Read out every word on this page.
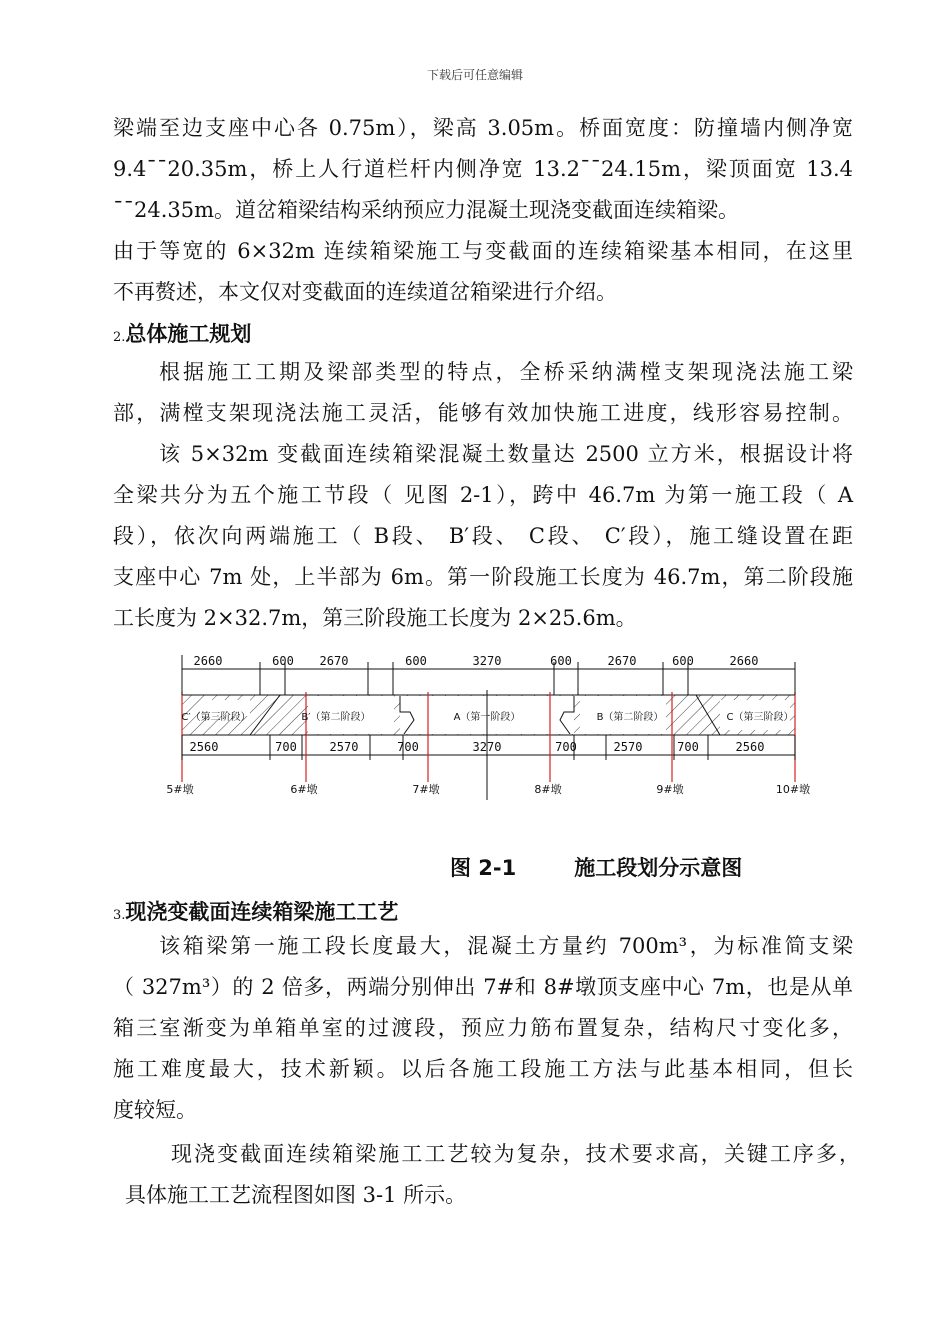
下载后可任意编辑
梁端至边支座中心各 0.75m），梁高 3.05m。桥面宽度：防撞墙内侧净宽
9.4¯¯20.35m，桥上人行道栏杆内侧净宽 13.2¯¯24.15m，梁顶面宽 13.4
¯¯24.35m。道岔箱梁结构采纳预应力混凝土现浇变截面连续箱梁。
由于等宽的 6×32m 连续箱梁施工与变截面的连续箱梁基本相同，在这里
不再赘述，本文仅对变截面的连续道岔箱梁进行介绍。
2.总体施工规划
根据施工工期及梁部类型的特点，全桥采纳满樘支架现浇法施工梁
部，满樘支架现浇法施工灵活，能够有效加快施工进度，线形容易控制。
该 5×32m 变截面连续箱梁混凝土数量达 2500 立方米，根据设计将
全梁共分为五个施工节段（ 见图 2-1），跨中 46.7m 为第一施工段（ A
段），依次向两端施工（ B段、 B′段、 C段、 C′段），施工缝设置在距
支座中心 7m 处，上半部为 6m。第一阶段施工长度为 46.7m，第二阶段施
工长度为 2×32.7m，第三阶段施工长度为 2×25.6m。
2660	600 2670	600	3270	600	2670	600	2660
2560	700	2570	700	3270	700	2570	700	2560
C′（第三阶段）	B′（第二阶段）	A（第一阶段）	B（第二阶段）	C（第三阶段）
5#墩	6#墩	7#墩	8#墩	9#墩	10#墩
图 2-1	施工段划分示意图
3.现浇变截面连续箱梁施工工艺
该箱梁第一施工段长度最大，混凝土方量约 700m³，为标准简支梁
（ 327m³）的 2 倍多，两端分别伸出 7#和 8#墩顶支座中心 7m，也是从单
箱三室渐变为单箱单室的过渡段，预应力筋布置复杂，结构尺寸变化多，
施工难度最大，技术新颖。以后各施工段施工方法与此基本相同，但长
度较短。
现浇变截面连续箱梁施工工艺较为复杂，技术要求高，关键工序多，
具体施工工艺流程图如图 3-1 所示。
